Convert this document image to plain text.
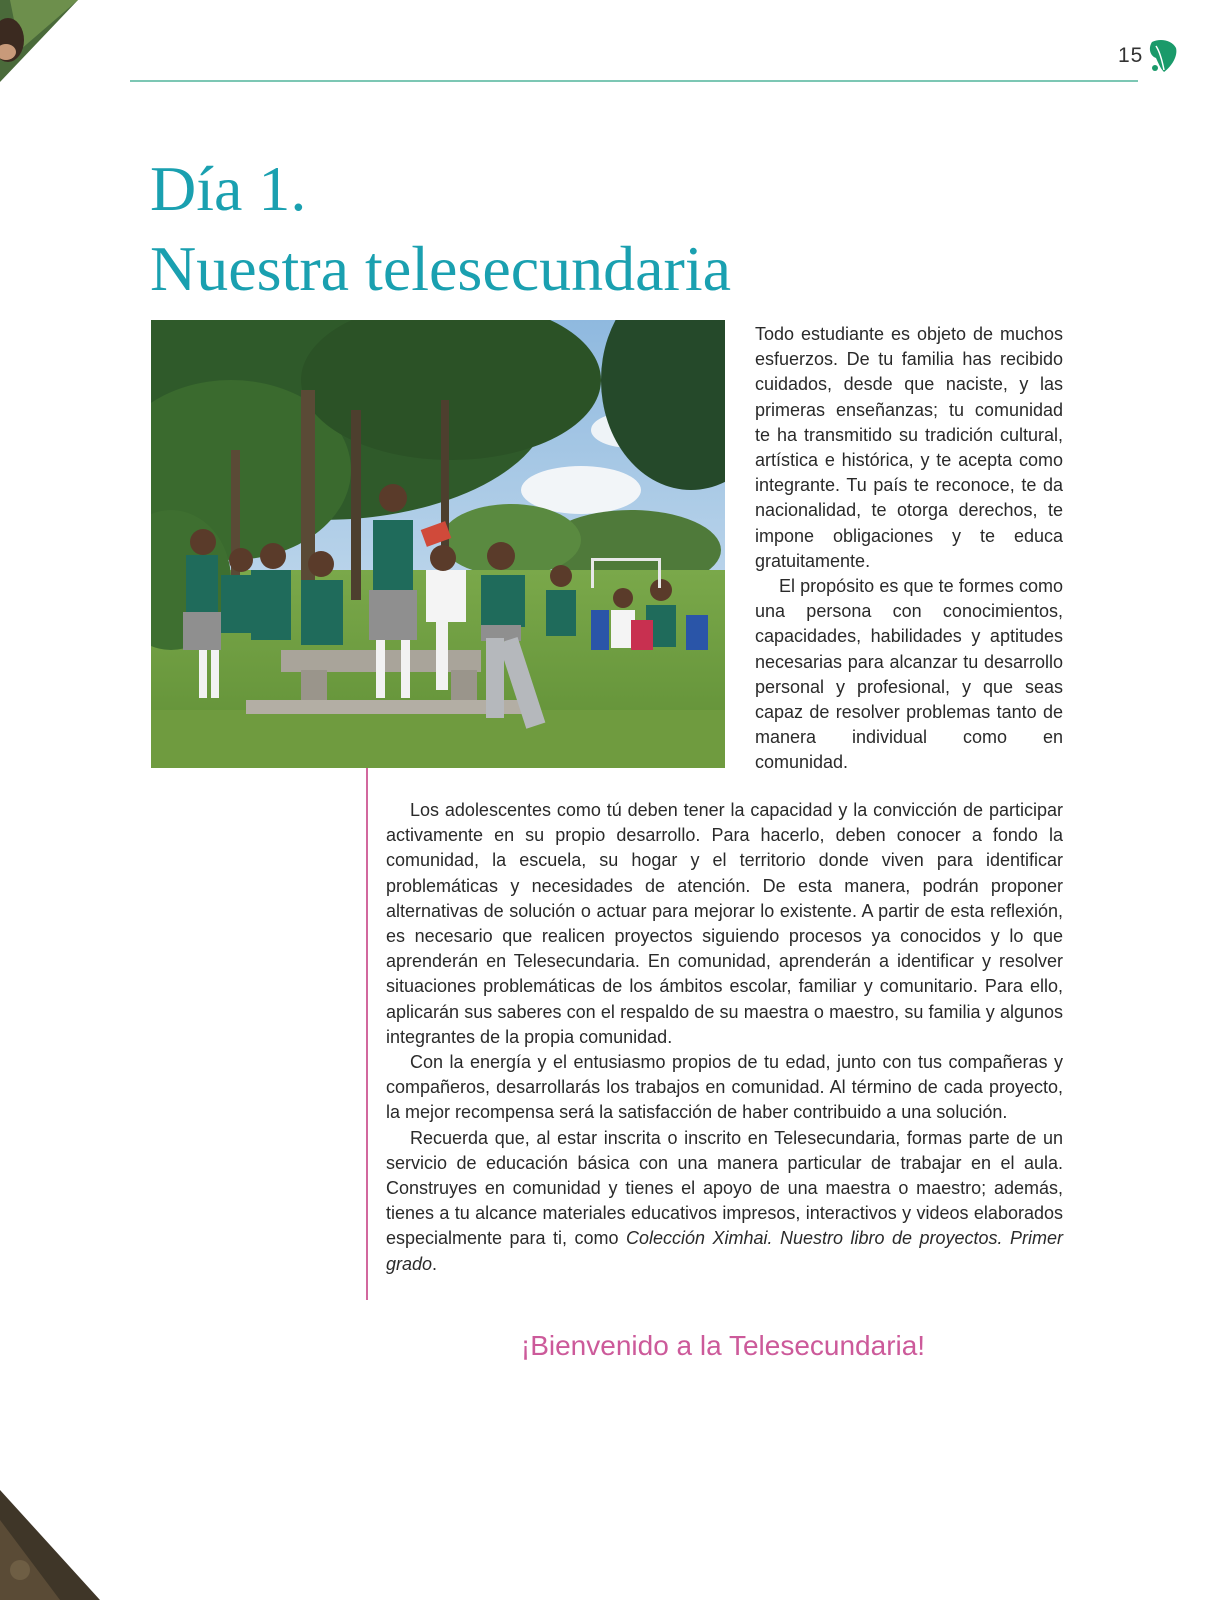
15
Día 1.
Nuestra telesecundaria

Todo estudiante es objeto de muchos esfuerzos. De tu familia has recibido cuidados, desde que naciste, y las primeras enseñanzas; tu comunidad te ha transmitido su tradición cultural, artística e histórica, y te acepta como integrante. Tu país te reconoce, te da nacionalidad, te otorga derechos, te impone obligaciones y te educa gratuitamente.

El propósito es que te formes como una persona con conocimientos, capacidades, habilidades y aptitudes necesarias para alcanzar tu desarrollo personal y profesional, y que seas capaz de resolver problemas tanto de manera individual como en comunidad.

Los adolescentes como tú deben tener la capacidad y la convicción de participar activamente en su propio desarrollo. Para hacerlo, deben conocer a fondo la comunidad, la escuela, su hogar y el territorio donde viven para identificar problemáticas y necesidades de atención. De esta manera, podrán proponer alternativas de solución o actuar para mejorar lo existente. A partir de esta reflexión, es necesario que realicen proyectos siguiendo procesos ya conocidos y lo que aprenderán en Telesecundaria. En comunidad, aprenderán a identificar y resolver situaciones problemáticas de los ámbitos escolar, familiar y comunitario. Para ello, aplicarán sus saberes con el respaldo de su maestra o maestro, su familia y algunos integrantes de la propia comunidad.

Con la energía y el entusiasmo propios de tu edad, junto con tus compañeras y compañeros, desarrollarás los trabajos en comunidad. Al término de cada proyecto, la mejor recompensa será la satisfacción de haber contribuido a una solución.

Recuerda que, al estar inscrita o inscrito en Telesecundaria, formas parte de un servicio de educación básica con una manera particular de trabajar en el aula. Construyes en comunidad y tienes el apoyo de una maestra o maestro; además, tienes a tu alcance materiales educativos impresos, interactivos y videos elaborados especialmente para ti, como Colección Ximhai. Nuestro libro de proyectos. Primer grado.

¡Bienvenido a la Telesecundaria!
